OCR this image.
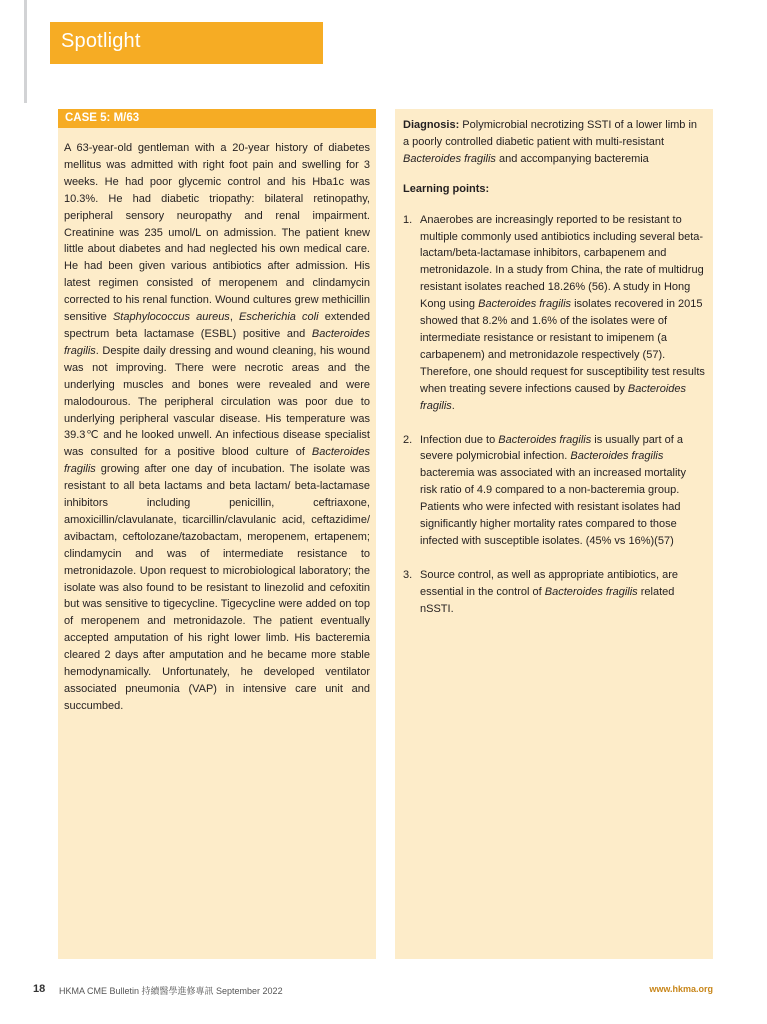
Spotlight
CASE 5: M/63

A 63-year-old gentleman with a 20-year history of diabetes mellitus was admitted with right foot pain and swelling for 3 weeks. He had poor glycemic control and his Hba1c was 10.3%. He had diabetic triopathy: bilateral retinopathy, peripheral sensory neuropathy and renal impairment. Creatinine was 235 umol/L on admission. The patient knew little about diabetes and had neglected his own medical care. He had been given various antibiotics after admission. His latest regimen consisted of meropenem and clindamycin corrected to his renal function. Wound cultures grew methicillin sensitive Staphylococcus aureus, Escherichia coli extended spectrum beta lactamase (ESBL) positive and Bacteroides fragilis. Despite daily dressing and wound cleaning, his wound was not improving. There were necrotic areas and the underlying muscles and bones were revealed and were malodourous. The peripheral circulation was poor due to underlying peripheral vascular disease. His temperature was 39.3℃ and he looked unwell. An infectious disease specialist was consulted for a positive blood culture of Bacteroides fragilis growing after one day of incubation. The isolate was resistant to all beta lactams and beta lactam/ beta-lactamase inhibitors including penicillin, ceftriaxone, amoxicillin/clavulanate, ticarcillin/clavulanic acid, ceftazidime/ avibactam, ceftolozane/tazobactam, meropenem, ertapenem; clindamycin and was of intermediate resistance to metronidazole. Upon request to microbiological laboratory; the isolate was also found to be resistant to linezolid and cefoxitin but was sensitive to tigecycline. Tigecycline were added on top of meropenem and metronidazole. The patient eventually accepted amputation of his right lower limb. His bacteremia cleared 2 days after amputation and he became more stable hemodynamically. Unfortunately, he developed ventilator associated pneumonia (VAP) in intensive care unit and succumbed.

Diagnosis: Polymicrobial necrotizing SSTI of a lower limb in a poorly controlled diabetic patient with multi-resistant Bacteroides fragilis and accompanying bacteremia

Learning points:

1. Anaerobes are increasingly reported to be resistant to multiple commonly used antibiotics including several beta-lactam/beta-lactamase inhibitors, carbapenem and metronidazole. In a study from China, the rate of multidrug resistant isolates reached 18.26% (56). A study in Hong Kong using Bacteroides fragilis isolates recovered in 2015 showed that 8.2% and 1.6% of the isolates were of intermediate resistance or resistant to imipenem (a carbapenem) and metronidazole respectively (57). Therefore, one should request for susceptibility test results when treating severe infections caused by Bacteroides fragilis.
2. Infection due to Bacteroides fragilis is usually part of a severe polymicrobial infection. Bacteroides fragilis bacteremia was associated with an increased mortality risk ratio of 4.9 compared to a non-bacteremia group. Patients who were infected with resistant isolates had significantly higher mortality rates compared to those infected with susceptible isolates. (45% vs 16%)(57)
3. Source control, as well as appropriate antibiotics, are essential in the control of Bacteroides fragilis related nSSTI.
18 HKMA CME Bulletin 持續醫學進修專訊 September 2022	www.hkma.org
